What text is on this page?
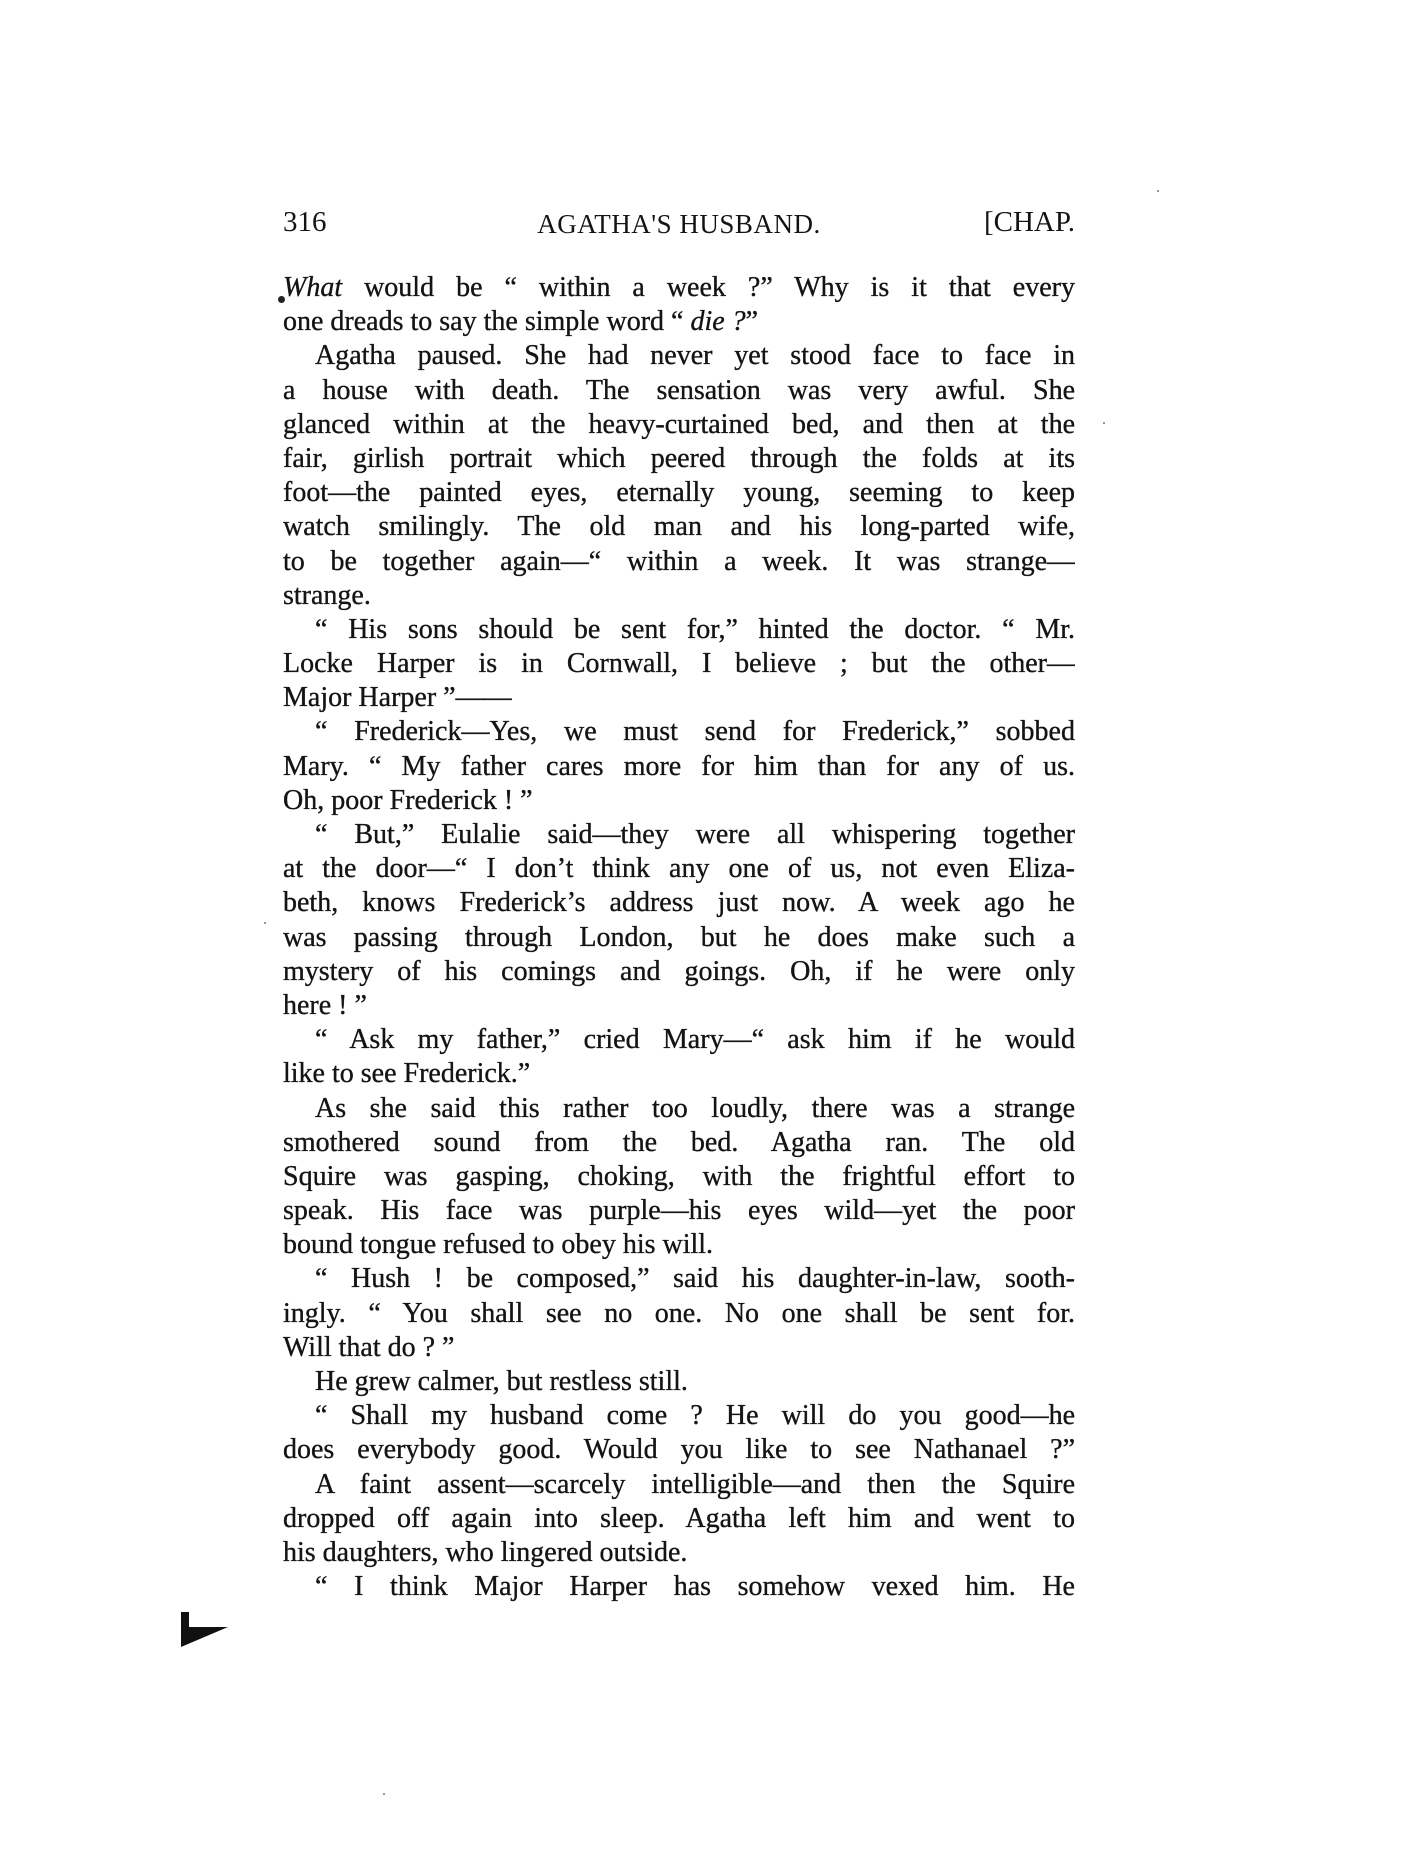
316	AGATHA'S HUSBAND.	[CHAP.
What would be “ within a week ?” Why is it that every
one dreads to say the simple word “ die ?”
Agatha paused. She had never yet stood face to face in
a house with death. The sensation was very awful. She
glanced within at the heavy-curtained bed, and then at the
fair, girlish portrait which peered through the folds at its
foot—the painted eyes, eternally young, seeming to keep
watch smilingly. The old man and his long-parted wife,
to be together again—“ within a week. It was strange—
strange.
“ His sons should be sent for,” hinted the doctor. “ Mr.
Locke Harper is in Cornwall, I believe ; but the other—
Major Harper ”——
“ Frederick—Yes, we must send for Frederick,” sobbed
Mary. “ My father cares more for him than for any of us.
Oh, poor Frederick ! ”
“ But,” Eulalie said—they were all whispering together
at the door—“ I don’t think any one of us, not even Eliza-
beth, knows Frederick’s address just now. A week ago he
was passing through London, but he does make such a
mystery of his comings and goings. Oh, if he were only
here ! ”
“ Ask my father,” cried Mary—“ ask him if he would
like to see Frederick.”
As she said this rather too loudly, there was a strange
smothered sound from the bed. Agatha ran. The old
Squire was gasping, choking, with the frightful effort to
speak. His face was purple—his eyes wild—yet the poor
bound tongue refused to obey his will.
“ Hush ! be composed,” said his daughter-in-law, sooth-
ingly. “ You shall see no one. No one shall be sent for.
Will that do ? ”
He grew calmer, but restless still.
“ Shall my husband come ? He will do you good—he
does everybody good. Would you like to see Nathanael ?”
A faint assent—scarcely intelligible—and then the Squire
dropped off again into sleep. Agatha left him and went to
his daughters, who lingered outside.
“ I think Major Harper has somehow vexed him. He
